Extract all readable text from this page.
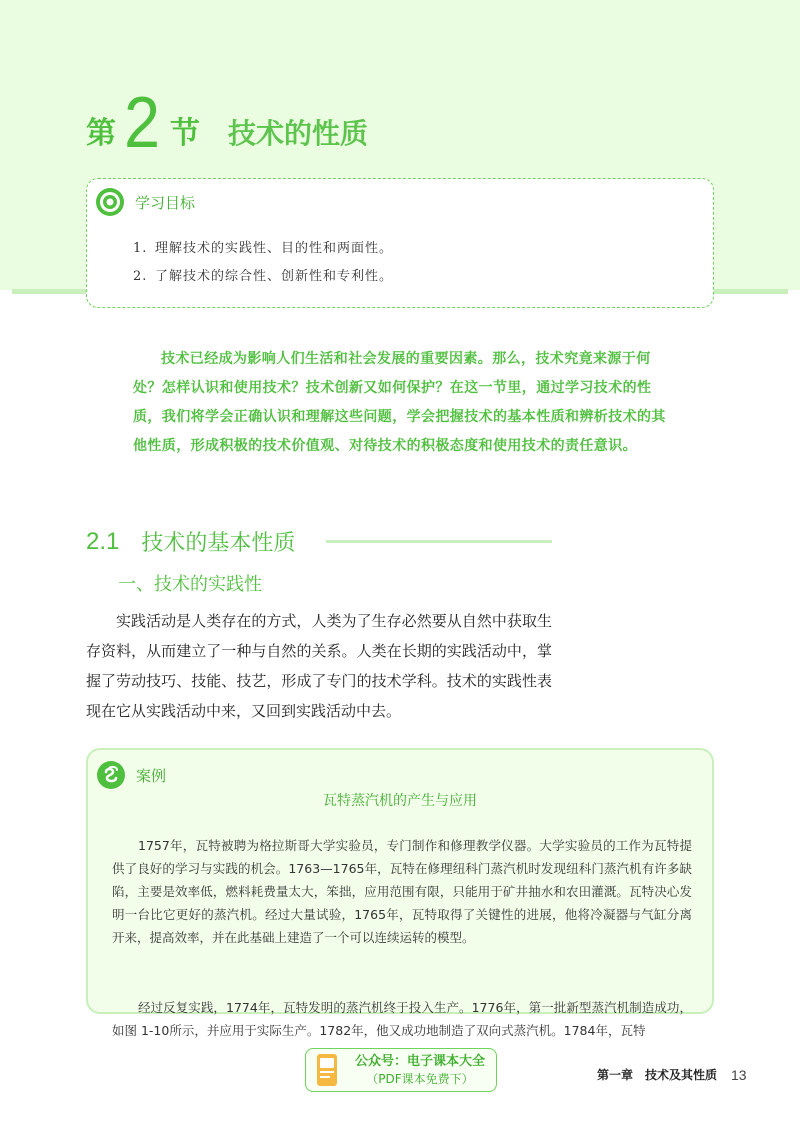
第 2 节 技术的性质
学习目标
1. 理解技术的实践性、目的性和两面性。
2. 了解技术的综合性、创新性和专利性。

技术已经成为影响人们生活和社会发展的重要因素。那么，技术究竟来源于何处？怎样认识和使用技术？技术创新又如何保护？在这一节里，通过学习技术的性质，我们将学会正确认识和理解这些问题，学会把握技术的基本性质和辨析技术的其他性质，形成积极的技术价值观、对待技术的积极态度和使用技术的责任意识。

2.1 技术的基本性质
一、技术的实践性

实践活动是人类存在的方式，人类为了生存必然要从自然中获取生存资料，从而建立了一种与自然的关系。人类在长期的实践活动中，掌握了劳动技巧、技能、技艺，形成了专门的技术学科。技术的实践性表现在它从实践活动中来，又回到实践活动中去。

案例
瓦特蒸汽机的产生与应用

1757年，瓦特被聘为格拉斯哥大学实验员，专门制作和修理教学仪器。大学实验员的工作为瓦特提供了良好的学习与实践的机会。1763—1765年，瓦特在修理纽科门蒸汽机时发现纽科门蒸汽机有许多缺陷，主要是效率低，燃料耗费量太大，笨拙，应用范围有限，只能用于矿井抽水和农田灌溉。瓦特决心发明一台比它更好的蒸汽机。经过大量试验，1765年，瓦特取得了关键性的进展，他将冷凝器与气缸分离开来，提高效率，并在此基础上建造了一个可以连续运转的模型。

经过反复实践，1774年，瓦特发明的蒸汽机终于投入生产。1776年，第一批新型蒸汽机制造成功，如图 1-10所示，并应用于实际生产。1782年，他又成功地制造了双向式蒸汽机。1784年，瓦特

公众号：电子课本大全
（PDF课本免费下）	第一章　技术及其性质 13
